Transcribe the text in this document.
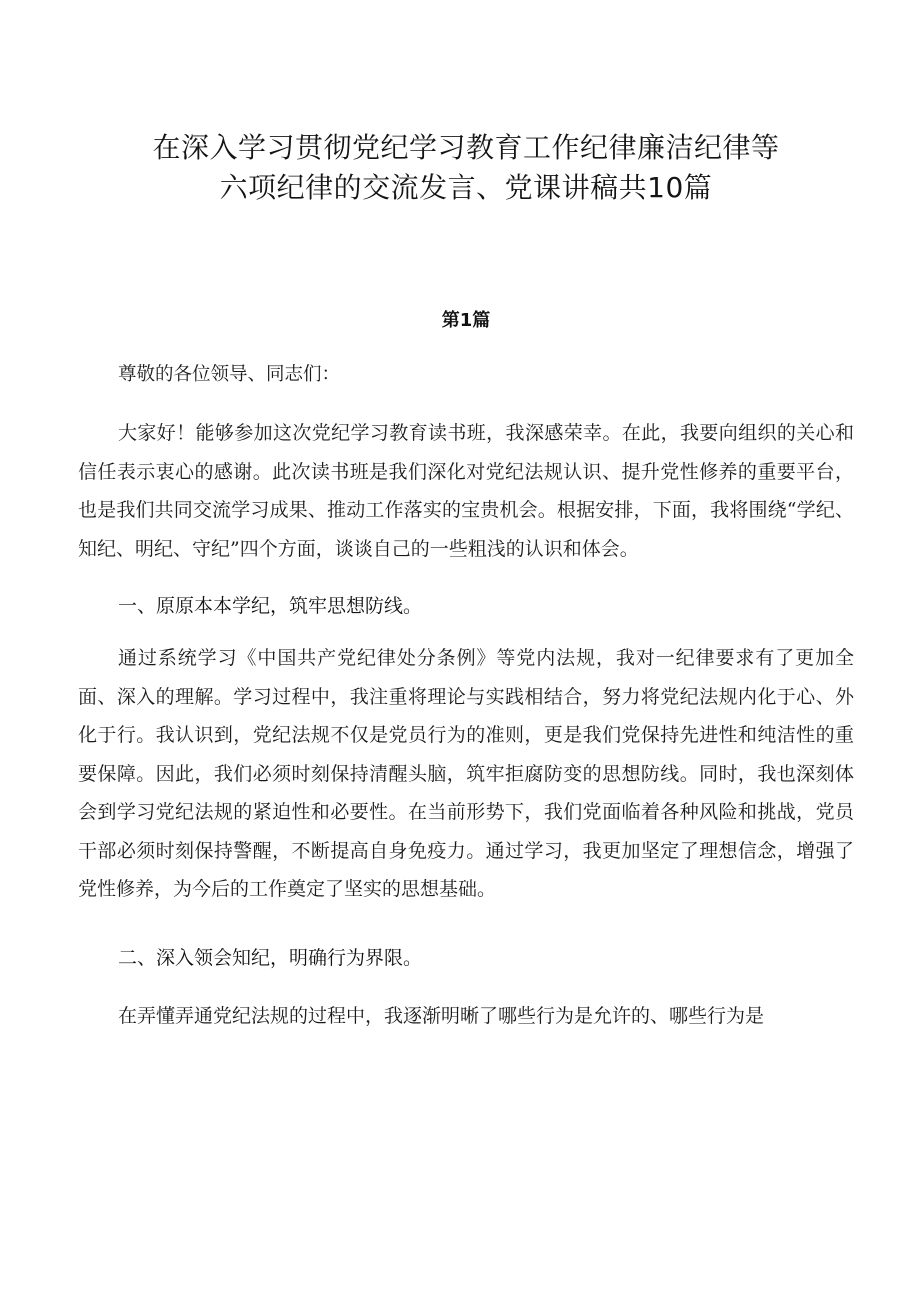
在深入学习贯彻党纪学习教育工作纪律廉洁纪律等
六项纪律的交流发言、党课讲稿共10篇
第1篇

尊敬的各位领导、同志们：

大家好！能够参加这次党纪学习教育读书班，我深感荣幸。在此，我要向组织的关心和信任表示衷心的感谢。此次读书班是我们深化对党纪法规认识、提升党性修养的重要平台，也是我们共同交流学习成果、推动工作落实的宝贵机会。根据安排，下面，我将围绕“学纪、知纪、明纪、守纪”四个方面，谈谈自己的一些粗浅的认识和体会。

一、原原本本学纪，筑牢思想防线。

通过系统学习《中国共产党纪律处分条例》等党内法规，我对一纪律要求有了更加全面、深入的理解。学习过程中，我注重将理论与实践相结合，努力将党纪法规内化于心、外化于行。我认识到，党纪法规不仅是党员行为的准则，更是我们党保持先进性和纯洁性的重要保障。因此，我们必须时刻保持清醒头脑，筑牢拒腐防变的思想防线。同时，我也深刻体会到学习党纪法规的紧迫性和必要性。在当前形势下，我们党面临着各种风险和挑战，党员干部必须时刻保持警醒，不断提高自身免疫力。通过学习，我更加坚定了理想信念，增强了党性修养，为今后的工作奠定了坚实的思想基础。

二、深入领会知纪，明确行为界限。

在弄懂弄通党纪法规的过程中，我逐渐明晰了哪些行为是允许的、哪些行为是
